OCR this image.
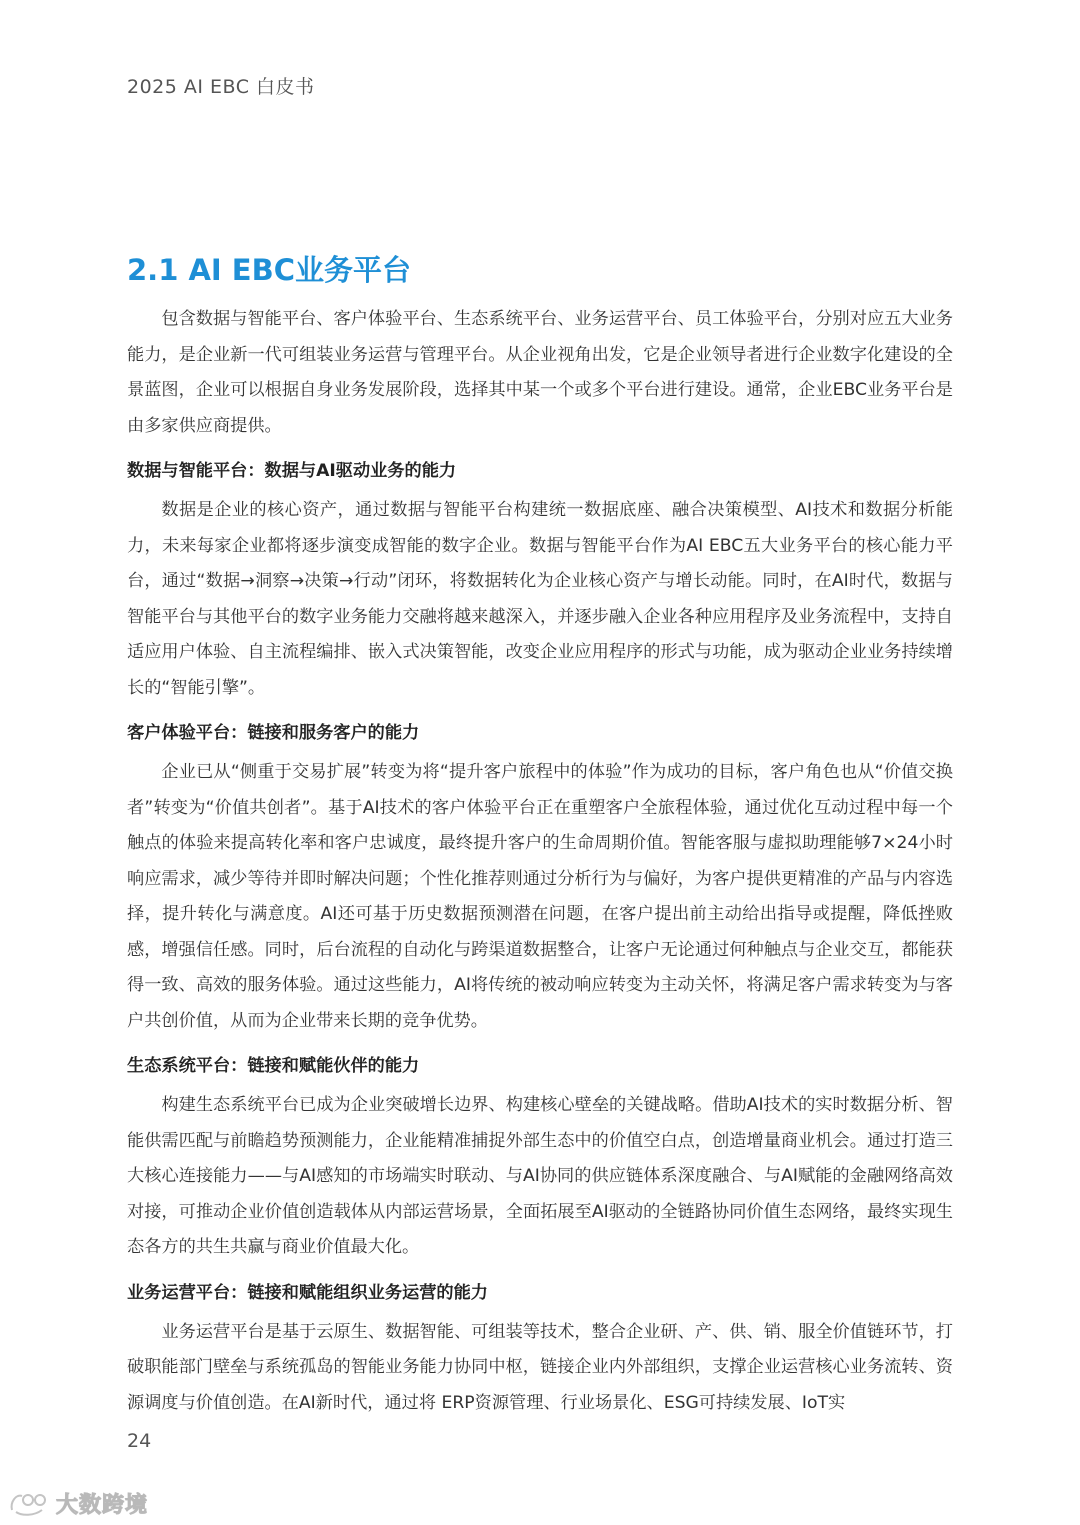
2025 AI EBC 白皮书
2.1 AI EBC业务平台

包含数据与智能平台、客户体验平台、生态系统平台、业务运营平台、员工体验平台，分别对应五大业务能力，是企业新一代可组装业务运营与管理平台。从企业视角出发，它是企业领导者进行企业数字化建设的全景蓝图，企业可以根据自身业务发展阶段，选择其中某一个或多个平台进行建设。通常，企业EBC业务平台是由多家供应商提供。

数据与智能平台：数据与AI驱动业务的能力

数据是企业的核心资产，通过数据与智能平台构建统一数据底座、融合决策模型、AI技术和数据分析能力，未来每家企业都将逐步演变成智能的数字企业。数据与智能平台作为AI EBC五大业务平台的核心能力平台，通过“数据→洞察→决策→行动”闭环，将数据转化为企业核心资产与增长动能。同时，在AI时代，数据与智能平台与其他平台的数字业务能力交融将越来越深入，并逐步融入企业各种应用程序及业务流程中，支持自适应用户体验、自主流程编排、嵌入式决策智能，改变企业应用程序的形式与功能，成为驱动企业业务持续增长的“智能引擎”。

客户体验平台：链接和服务客户的能力

企业已从“侧重于交易扩展”转变为将“提升客户旅程中的体验”作为成功的目标，客户角色也从“价值交换者”转变为“价值共创者”。基于AI技术的客户体验平台正在重塑客户全旅程体验，通过优化互动过程中每一个触点的体验来提高转化率和客户忠诚度，最终提升客户的生命周期价值。智能客服与虚拟助理能够7×24小时响应需求，减少等待并即时解决问题；个性化推荐则通过分析行为与偏好，为客户提供更精准的产品与内容选择，提升转化与满意度。AI还可基于历史数据预测潜在问题，在客户提出前主动给出指导或提醒，降低挫败感，增强信任感。同时，后台流程的自动化与跨渠道数据整合，让客户无论通过何种触点与企业交互，都能获得一致、高效的服务体验。通过这些能力，AI将传统的被动响应转变为主动关怀，将满足客户需求转变为与客户共创价值，从而为企业带来长期的竞争优势。

生态系统平台：链接和赋能伙伴的能力

构建生态系统平台已成为企业突破增长边界、构建核心壁垒的关键战略。借助AI技术的实时数据分析、智能供需匹配与前瞻趋势预测能力，企业能精准捕捉外部生态中的价值空白点，创造增量商业机会。通过打造三大核心连接能力——与AI感知的市场端实时联动、与AI协同的供应链体系深度融合、与AI赋能的金融网络高效对接，可推动企业价值创造载体从内部运营场景，全面拓展至AI驱动的全链路协同价值生态网络，最终实现生态各方的共生共赢与商业价值最大化。

业务运营平台：链接和赋能组织业务运营的能力

业务运营平台是基于云原生、数据智能、可组装等技术，整合企业研、产、供、销、服全价值链环节，打破职能部门壁垒与系统孤岛的智能业务能力协同中枢，链接企业内外部组织，支撑企业运营核心业务流转、资源调度与价值创造。在AI新时代，通过将 ERP资源管理、行业场景化、ESG可持续发展、IoT实

24
大数跨境
